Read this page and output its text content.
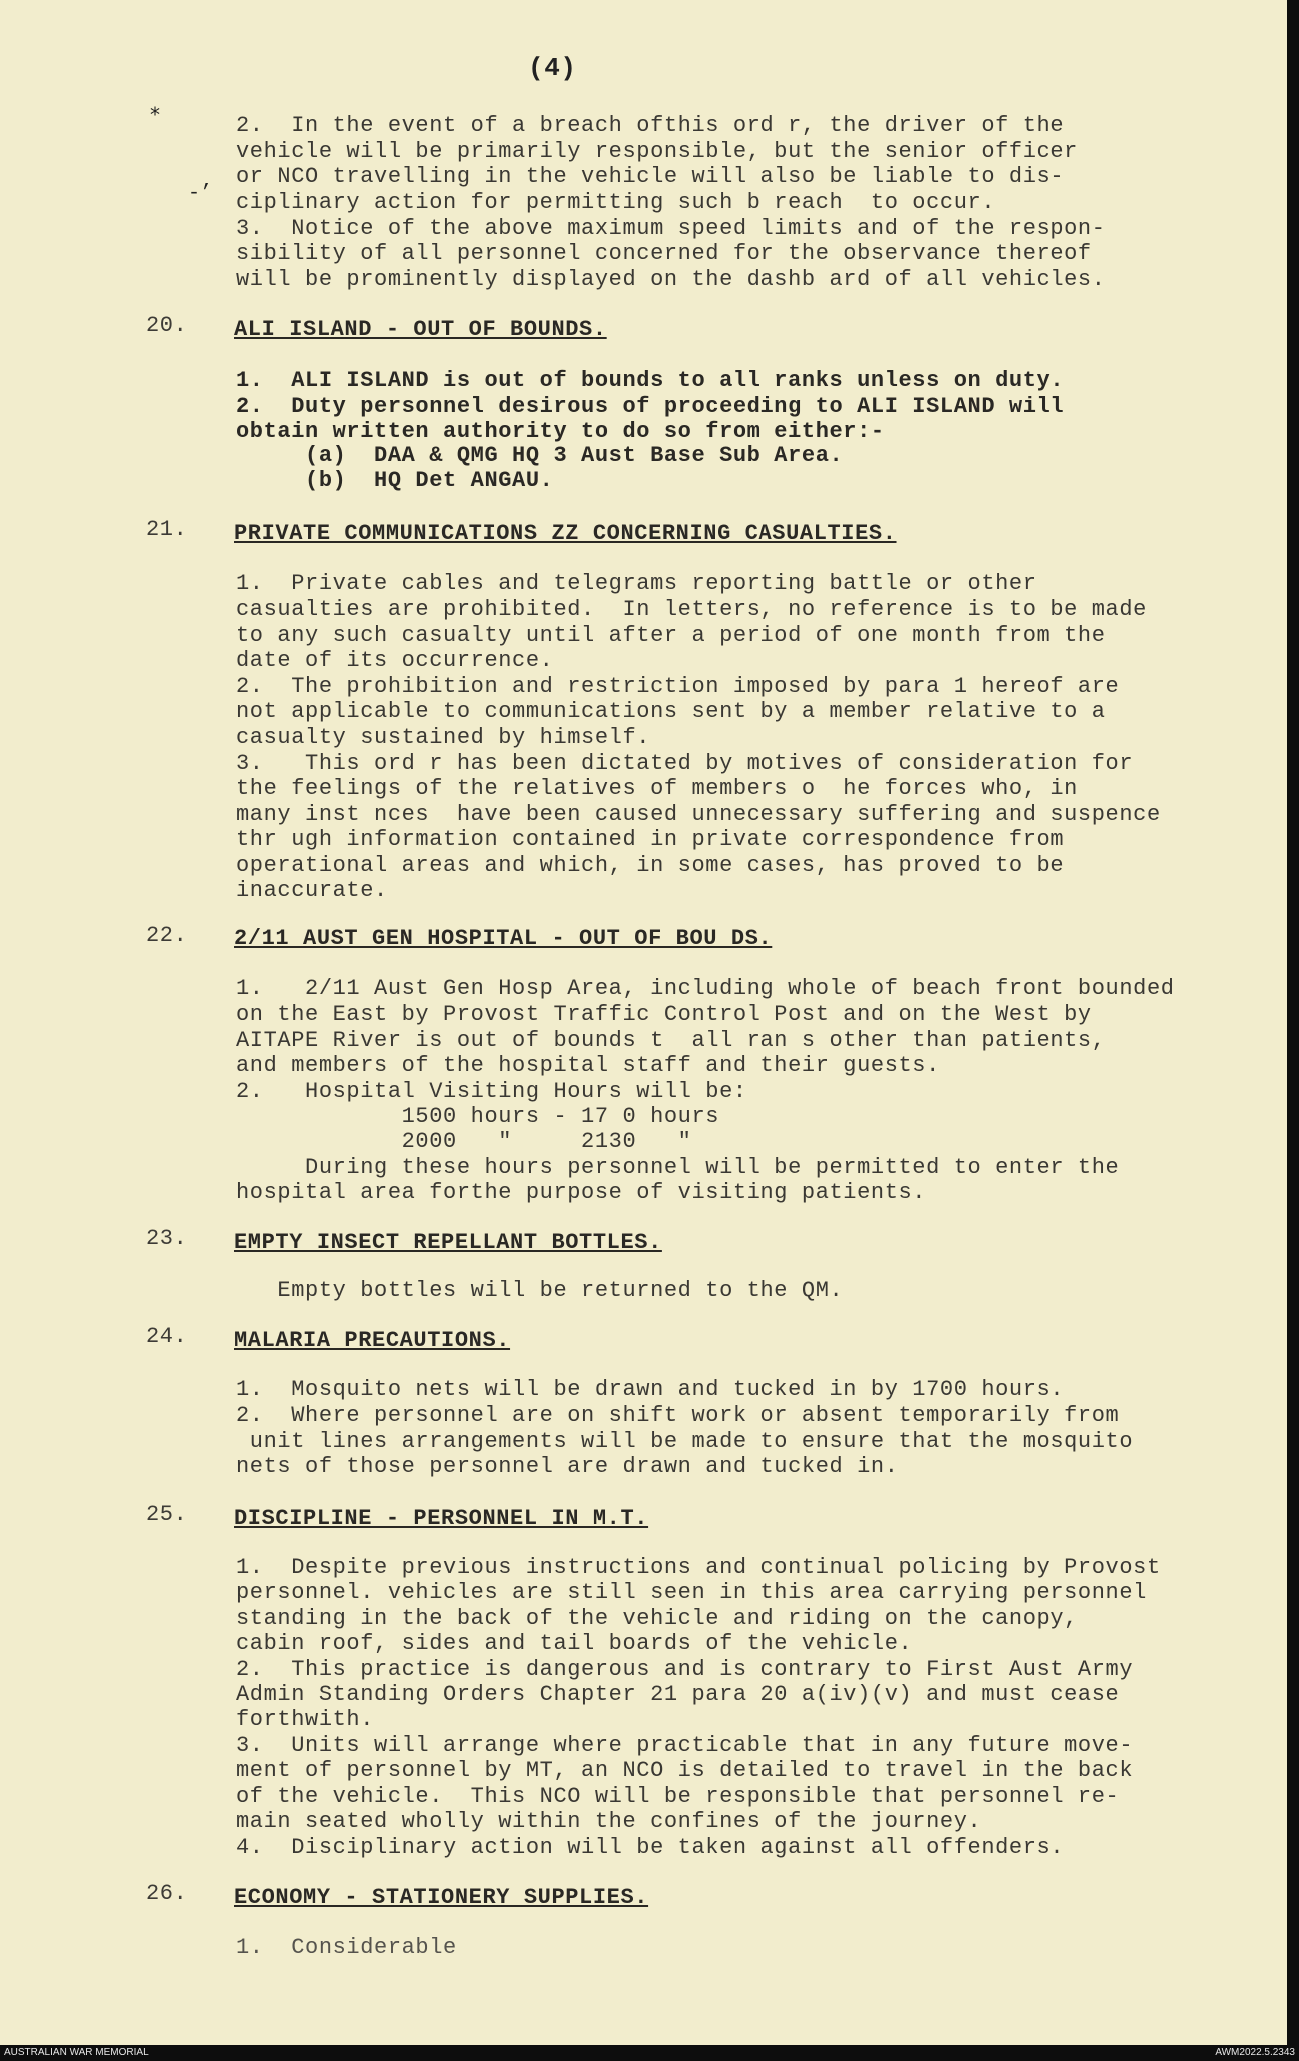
(4)
⁎
-’
2.  In the event of a breach ofthis ord r, the driver of the
vehicle will be primarily responsible, but the senior officer
or NCO travelling in the vehicle will also be liable to dis-
ciplinary action for permitting such b reach  to occur.
3.  Notice of the above maximum speed limits and of the respon-
sibility of all personnel concerned for the observance thereof
will be prominently displayed on the dashb ard of all vehicles.
20. ALI ISLAND - OUT OF BOUNDS.
1.  ALI ISLAND is out of bounds to all ranks unless on duty.
2.  Duty personnel desirous of proceeding to ALI ISLAND will
obtain written authority to do so from either:-
(a)  DAA & QMG HQ 3 Aust Base Sub Area.
(b)  HQ Det ANGAU.
21. PRIVATE COMMUNICATIONS ZZ CONCERNING CASUALTIES.
1.  Private cables and telegrams reporting battle or other
casualties are prohibited.  In letters, no reference is to be made
to any such casualty until after a period of one month from the
date of its occurrence.
2.  The prohibition and restriction imposed by para 1 hereof are
not applicable to communications sent by a member relative to a
casualty sustained by himself.
3.   This ord r has been dictated by motives of consideration for
the feelings of the relatives of members o  he forces who, in
many inst nces  have been caused unnecessary suffering and suspence
thr ugh information contained in private correspondence from
operational areas and which, in some cases, has proved to be
inaccurate.
22. 2/11 AUST GEN HOSPITAL - OUT OF BOU DS.
1.   2/11 Aust Gen Hosp Area, including whole of beach front bounded
on the East by Provost Traffic Control Post and on the West by
AITAPE River is out of bounds t  all ran s other than patients,
and members of the hospital staff and their guests.
2.   Hospital Visiting Hours will be:
1500 hours - 17 0 hours
2000   "     2130   "
During these hours personnel will be permitted to enter the
hospital area forthe purpose of visiting patients.
23. EMPTY INSECT REPELLANT BOTTLES.
Empty bottles will be returned to the QM.
24. MALARIA PRECAUTIONS.
1.  Mosquito nets will be drawn and tucked in by 1700 hours.
2.  Where personnel are on shift work or absent temporarily from
unit lines arrangements will be made to ensure that the mosquito
nets of those personnel are drawn and tucked in.
25. DISCIPLINE - PERSONNEL IN M.T.
1.  Despite previous instructions and continual policing by Provost
personnel. vehicles are still seen in this area carrying personnel
standing in the back of the vehicle and riding on the canopy,
cabin roof, sides and tail boards of the vehicle.
2.  This practice is dangerous and is contrary to First Aust Army
Admin Standing Orders Chapter 21 para 20 a(iv)(v) and must cease
forthwith.
3.  Units will arrange where practicable that in any future move-
ment of personnel by MT, an NCO is detailed to travel in the back
of the vehicle.  This NCO will be responsible that personnel re-
main seated wholly within the confines of the journey.
4.  Disciplinary action will be taken against all offenders.
26. ECONOMY - STATIONERY SUPPLIES.
1.  Considerable
AUSTRALIAN WAR MEMORIAL	AWM2022.5.2343
